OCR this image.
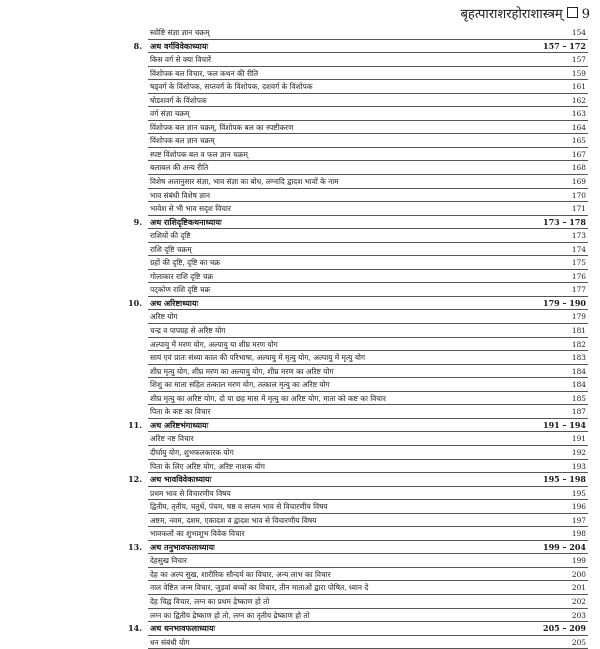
बृहत्पाराशरहोराशास्त्रम् 9
स्वोष्टि संज्ञा ज्ञान चक्रम्	154
8. अथ वर्गविवेकाध्यायः	157 – 172
किस वर्ग से क्या विचारें	157
विंशोपक बल विचार, फल कथन की रीति	159
षड्वर्ग के विंशोपक, सप्तवर्ग के विंशोपक, दशवर्ग के विंशोपक	161
षोडशवर्ग के विंशोपक	162
वर्ग संज्ञा चक्रम्	163
विंशोपक बल ज्ञान चक्रम्, विंशोपक बल का स्पष्टीकरण	164
विंशोपक बल ज्ञान चक्रम्	165
स्पष्ट विंशोपक बल व फल ज्ञान चक्रम्	167
बलाबल की अन्य रीति	168
विशेष अलानुसार संज्ञा, भाव संज्ञा का बोध, लग्नादि द्वादश भावों के नाम	169
भाव संबंधी विशेष ज्ञान	170
भावेश से भी भाव सदृश विचार	171
9. अथ राशिदृष्टिकथनाध्यायः	173 – 178
राशियों की दृष्टि	173
राशि दृष्टि चक्रम्	174
ग्रहों की दृष्टि, दृष्टि का चक्र	175
गोलाकार राशि दृष्टि चक्र	176
पट्‌कोण राशि दृष्टि चक्र	177
10. अथ अरिष्टाध्यायः	179 – 190
अरिष्ट योग	179
चन्द्र व पापग्रह से अरिष्ट योग	181
अल्पायु में मरण योग, अल्पायु या शीघ्र मरण योग	182
सायं एवं प्रातः संध्या काल की परिभाषा, अल्पायु में मृत्यु योग, अल्पायु में मृत्यु योग	183
शीघ्र मृत्यु योग, शीघ्र मरण का अल्पायु योग, शीघ्र मरण का अरिष्ट योग	184
शिशु का माता सहित तत्काल मरण योग, तत्काल मृत्यु का अरिष्ट योग	184
शीघ्र मृत्यु का अरिष्ट योग, दो या छह मास में मृत्यु का अरिष्ट योग, माता को कष्ट का विचार	185
पिता के कष्ट का विचार	187
11. अथ अरिष्टभंगाध्यायः	191 – 194
अरिष्ट नष्ट विचार	191
दीर्घायु योग, शुभफलकारक योग	192
पिता के लिए अरिष्ट योग, अरिष्ट नाशक योग	193
12. अथ भावविवेकाध्यायः	195 – 198
प्रथम भाव से विचारणीय विषय	195
द्वितीय, तृतीय, चतुर्थ, पंचम, षष्ठ व सप्तम भाव से विचारणीय विषय	196
अष्टम, नवम, दशम, एकादश व द्वादश भाव से विचारणीय विषय	197
भावफलों का शुभाशुभ विवेक विचार	198
13. अथ तनुभावफलाध्यायः	199 – 204
देहसुख विचार	199
देह का अल्प सुख, शारीरिक सौन्दर्य का विचार, अन्य लाभ का विचार	200
नाल वेष्टित जन्म विचार, जुड़वां बच्चों का विचार, तीन माताओं द्वारा पोषित, ध्यान दें	201
देह चिह्न विचार, लग्न का प्रथम द्रेष्काण हो तो	202
लग्न का द्वितीय द्रेष्काण हो तो, लग्न का तृतीय द्रेष्काण हो तो	203
14. अथ धनभावफलाध्यायः	205 – 209
धन संबंधी योग	205
